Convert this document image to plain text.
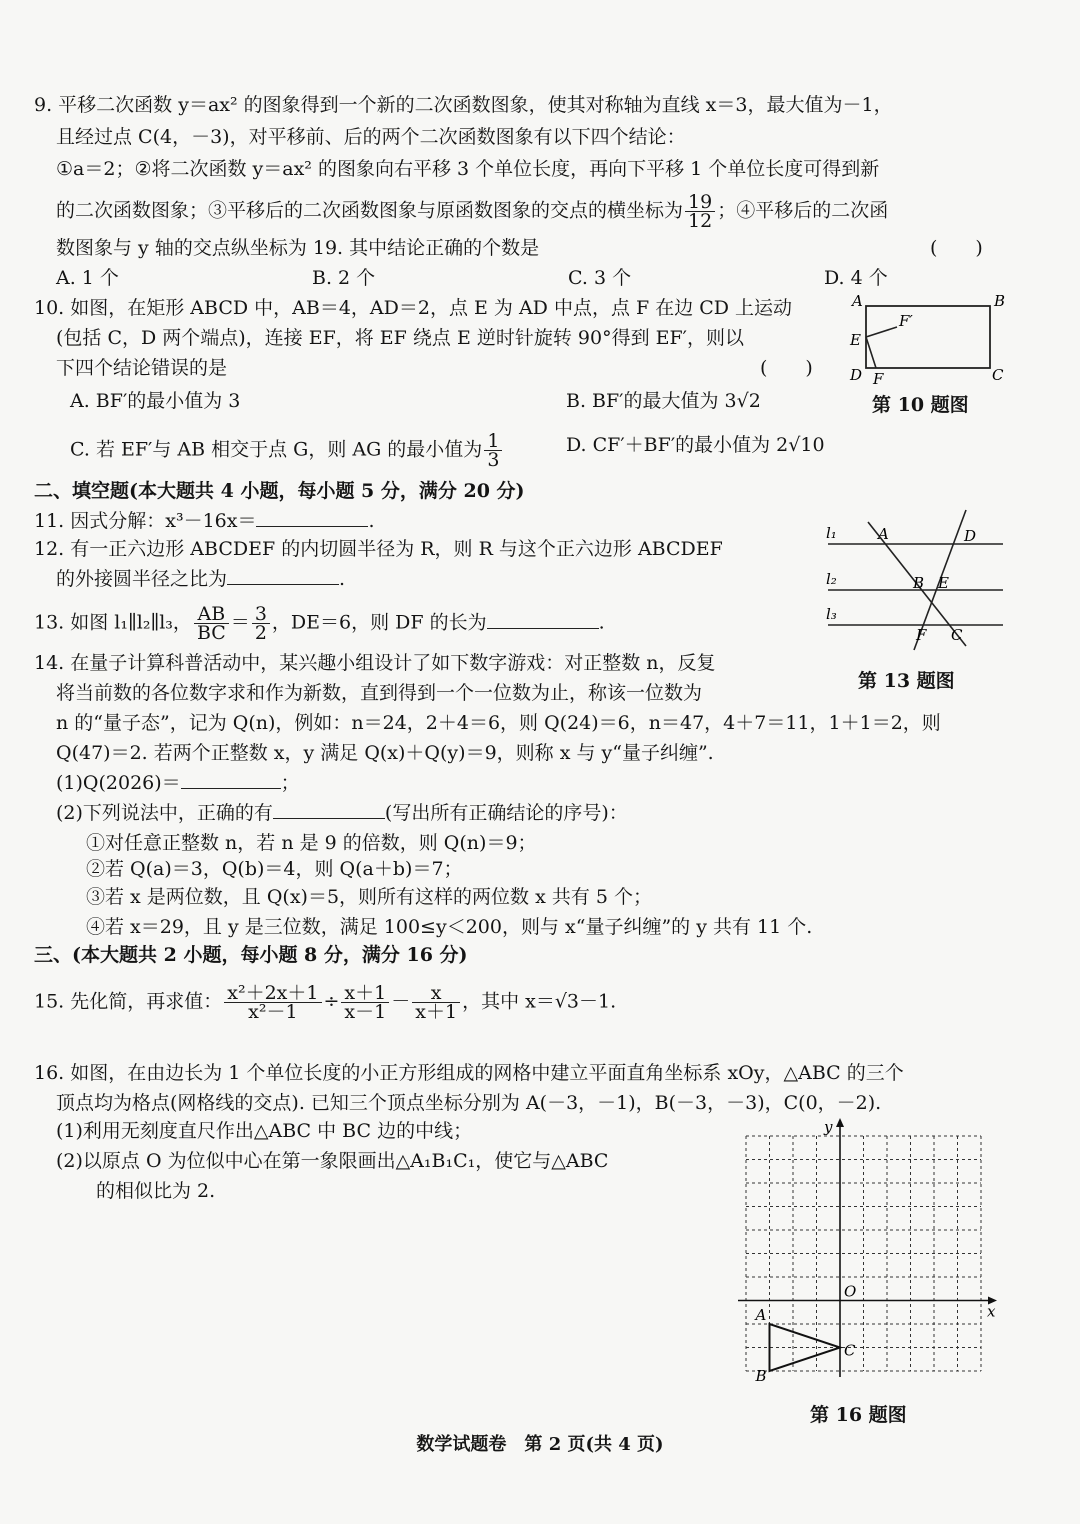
9. 平移二次函数 y＝ax² 的图象得到一个新的二次函数图象，使其对称轴为直线 x＝3，最大值为－1，
且经过点 C(4，－3)，对平移前、后的两个二次函数图象有以下四个结论：
①a＝2；②将二次函数 y＝ax² 的图象向右平移 3 个单位长度，再向下平移 1 个单位长度可得到新
的二次函数图象；③平移后的二次函数图象与原函数图象的交点的横坐标为 $\frac{19}{12}$ ；④平移后的二次函
数图象与 y 轴的交点纵坐标为 19. 其中结论正确的个数是	(　　)
A. 1 个	B. 2 个	C. 3 个	D. 4 个
10. 如图，在矩形 ABCD 中，AB＝4，AD＝2，点 E 为 AD 中点，点 F 在边 CD 上运动
(包括 C，D 两个端点)，连接 EF，将 EF 绕点 E 逆时针旋转 90°得到 EF′，则以
下四个结论错误的是	(　　)
A. BF′的最小值为 3	B. BF′的最大值为 3√2
C. 若 EF′与 AB 相交于点 G，则 AG 的最小值为 $\frac{1}{3}$	D. CF′＋BF′的最小值为 2√10
A	B
C
D
E
F
F′
第 10 题图
二、填空题(本大题共 4 小题，每小题 5 分，满分 20 分)
11. 因式分解：x³－16x＝	.
12. 有一正六边形 ABCDEF 的内切圆半径为 R，则 R 与这个正六边形 ABCDEF
的外接圆半径之比为	.
13. 如图 l₁∥l₂∥l₃， $\frac{AB}{BC} = \frac{3}{2}$ ，DE＝6，则 DF 的长为	.
l₁
l₂
l₃
A	D
B E
F C
第 13 题图
14. 在量子计算科普活动中，某兴趣小组设计了如下数字游戏：对正整数 n，反复
将当前数的各位数字求和作为新数，直到得到一个一位数为止，称该一位数为
n 的“量子态”，记为 Q(n)，例如：n＝24，2＋4＝6，则 Q(24)＝6，n＝47，4＋7＝11，1＋1＝2，则
Q(47)＝2. 若两个正整数 x，y 满足 Q(x)＋Q(y)＝9，则称 x 与 y“量子纠缠”.
(1)Q(2026)＝	；
(2)下列说法中，正确的有	(写出所有正确结论的序号)：
①对任意正整数 n，若 n 是 9 的倍数，则 Q(n)＝9；
②若 Q(a)＝3，Q(b)＝4，则 Q(a＋b)＝7；
③若 x 是两位数，且 Q(x)＝5，则所有这样的两位数 x 共有 5 个；
④若 x＝29，且 y 是三位数，满足 100≤y＜200，则与 x“量子纠缠”的 y 共有 11 个.
三、(本大题共 2 小题，每小题 8 分，满分 16 分)
15. 先化简，再求值： $\frac{\text{x²＋2x＋1}}{\text{x²－1}} \div \frac{x+1}{x-1} - \frac{x}{x+1}$ ，其中 x＝√3－1.
16. 如图，在由边长为 1 个单位长度的小正方形组成的网格中建立平面直角坐标系 xOy，△ABC 的三个
顶点均为格点(网格线的交点). 已知三个顶点坐标分别为 A(－3，－1)，B(－3，－3)，C(0，－2).
(1)利用无刻度直尺作出△ABC 中 BC 边的中线；
(2)以原点 O 为位似中心在第一象限画出△A₁B₁C₁，使它与△ABC
的相似比为 2.
x
y
O
A
B
C
第 16 题图
数学试题卷　第 2 页(共 4 页)
